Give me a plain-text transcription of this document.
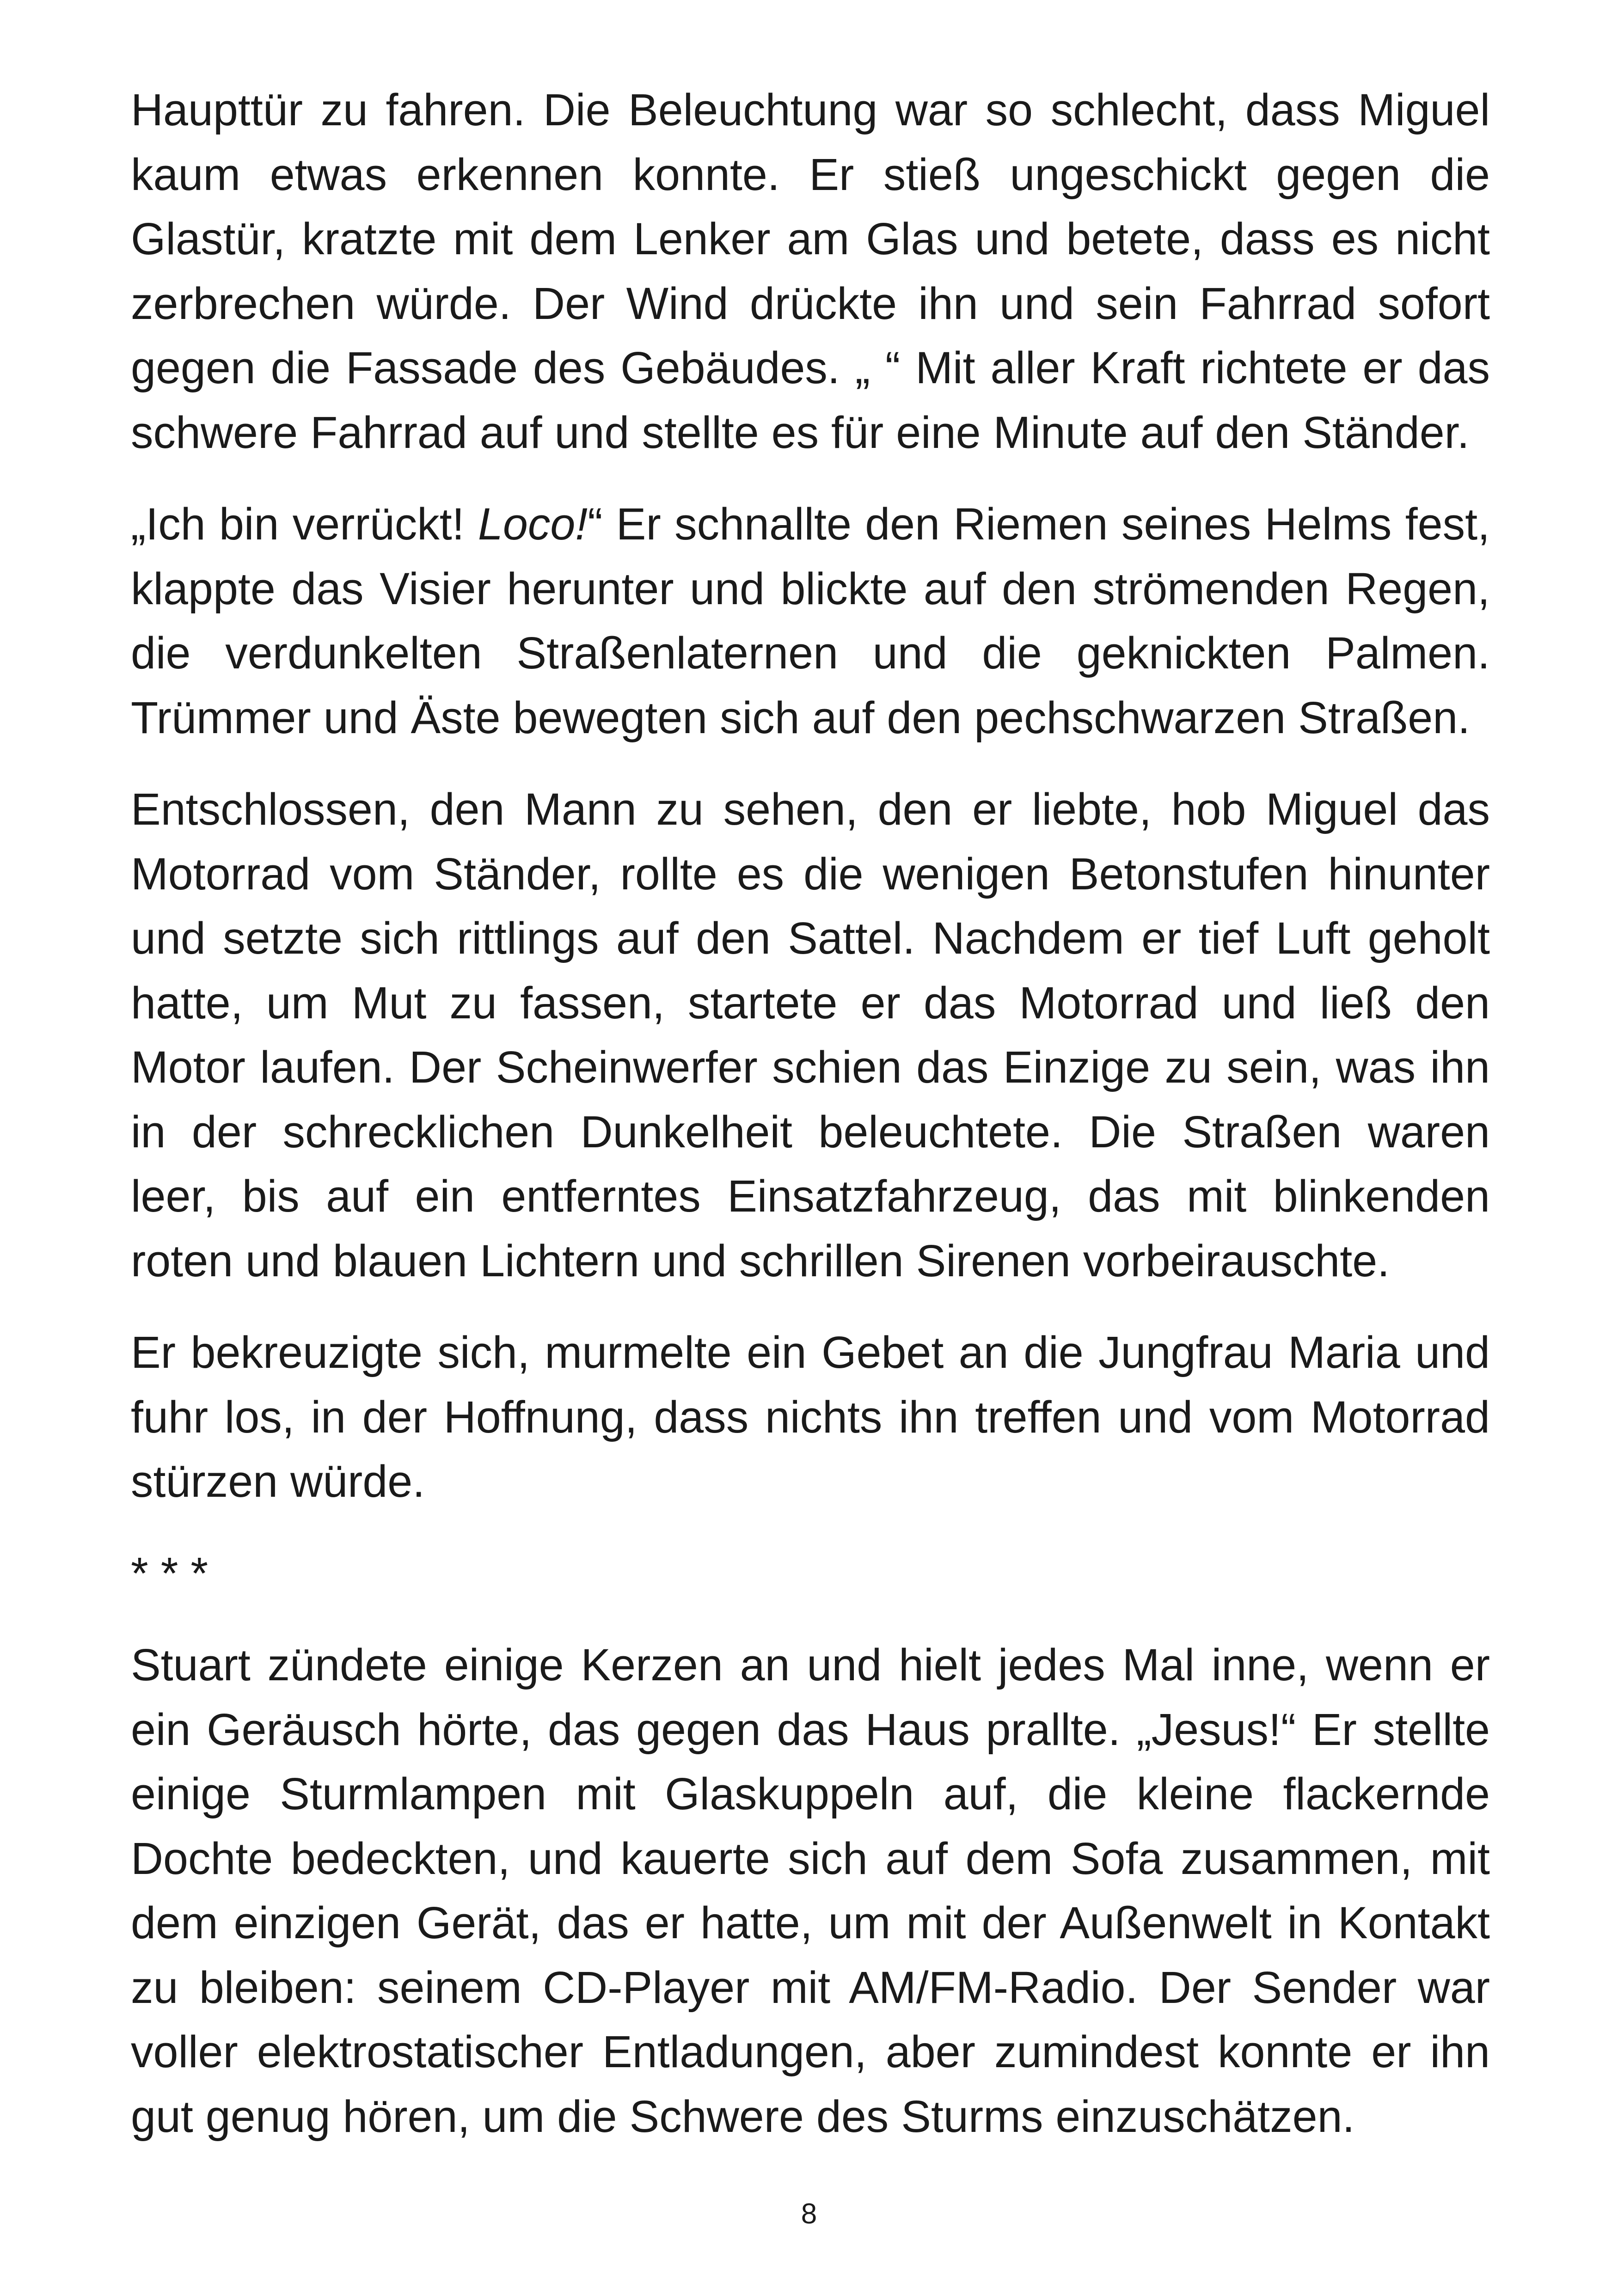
Haupttür zu fahren. Die Beleuchtung war so schlecht, dass Miguel
kaum etwas erkennen konnte. Er stieß ungeschickt gegen die
Glastür, kratzte mit dem Lenker am Glas und betete, dass es nicht
zerbrechen würde. Der Wind drückte ihn und sein Fahrrad sofort
gegen die Fassade des Gebäudes. „ “ Mit aller Kraft richtete er das
schwere Fahrrad auf und stellte es für eine Minute auf den Ständer.

„Ich bin verrückt! Loco!“ Er schnallte den Riemen seines Helms fest,
klappte das Visier herunter und blickte auf den strömenden Regen,
die verdunkelten Straßenlaternen und die geknickten Palmen.
Trümmer und Äste bewegten sich auf den pechschwarzen Straßen.

Entschlossen, den Mann zu sehen, den er liebte, hob Miguel das
Motorrad vom Ständer, rollte es die wenigen Betonstufen hinunter
und setzte sich rittlings auf den Sattel. Nachdem er tief Luft geholt
hatte, um Mut zu fassen, startete er das Motorrad und ließ den
Motor laufen. Der Scheinwerfer schien das Einzige zu sein, was ihn
in der schrecklichen Dunkelheit beleuchtete. Die Straßen waren
leer, bis auf ein entferntes Einsatzfahrzeug, das mit blinkenden
roten und blauen Lichtern und schrillen Sirenen vorbeirauschte.

Er bekreuzigte sich, murmelte ein Gebet an die Jungfrau Maria und
fuhr los, in der Hoffnung, dass nichts ihn treffen und vom Motorrad
stürzen würde.

* * *

Stuart zündete einige Kerzen an und hielt jedes Mal inne, wenn er
ein Geräusch hörte, das gegen das Haus prallte. „Jesus!“ Er stellte
einige Sturmlampen mit Glaskuppeln auf, die kleine flackernde
Dochte bedeckten, und kauerte sich auf dem Sofa zusammen, mit
dem einzigen Gerät, das er hatte, um mit der Außenwelt in Kontakt
zu bleiben: seinem CD-Player mit AM/FM-Radio. Der Sender war
voller elektrostatischer Entladungen, aber zumindest konnte er ihn
gut genug hören, um die Schwere des Sturms einzuschätzen.

8
